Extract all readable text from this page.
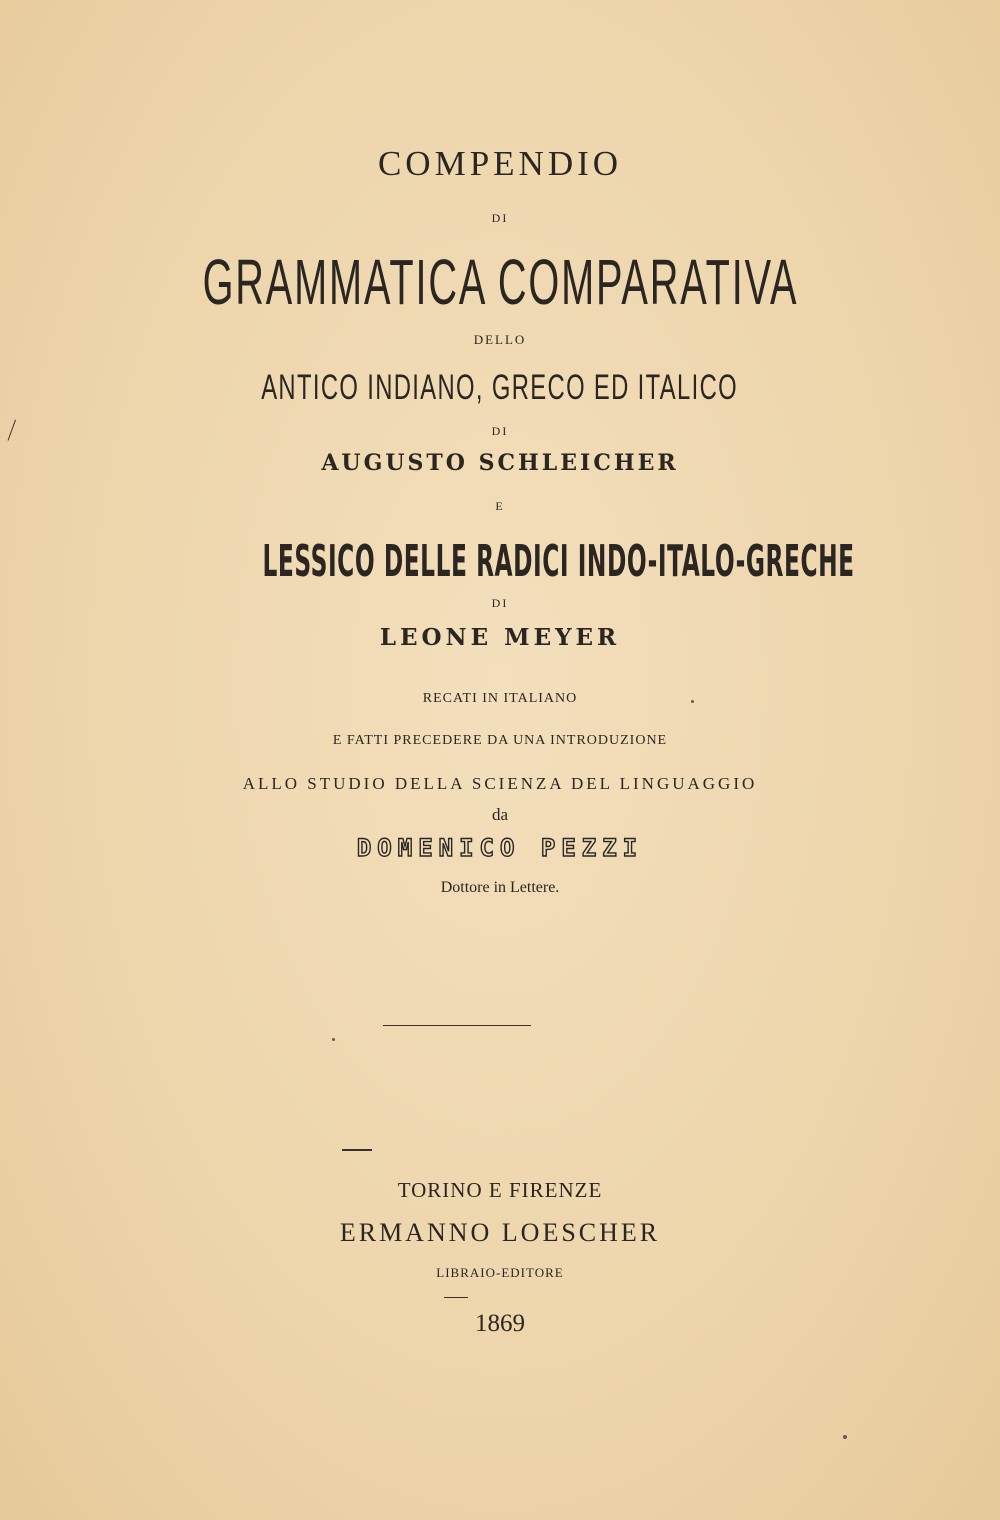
COMPENDIO
DI
GRAMMATICA COMPARATIVA
DELLO
ANTICO INDIANO, GRECO ED ITALICO
DI
AUGUSTO SCHLEICHER
E
LESSICO DELLE RADICI INDO-ITALO-GRECHE
DI
LEONE MEYER
RECATI IN ITALIANO
E FATTI PRECEDERE DA UNA INTRODUZIONE
ALLO STUDIO DELLA SCIENZA DEL LINGUAGGIO
da
DOMENICO PEZZI
Dottore in Lettere.
TORINO E FIRENZE
ERMANNO LOESCHER
LIBRAIO-EDITORE
1869
